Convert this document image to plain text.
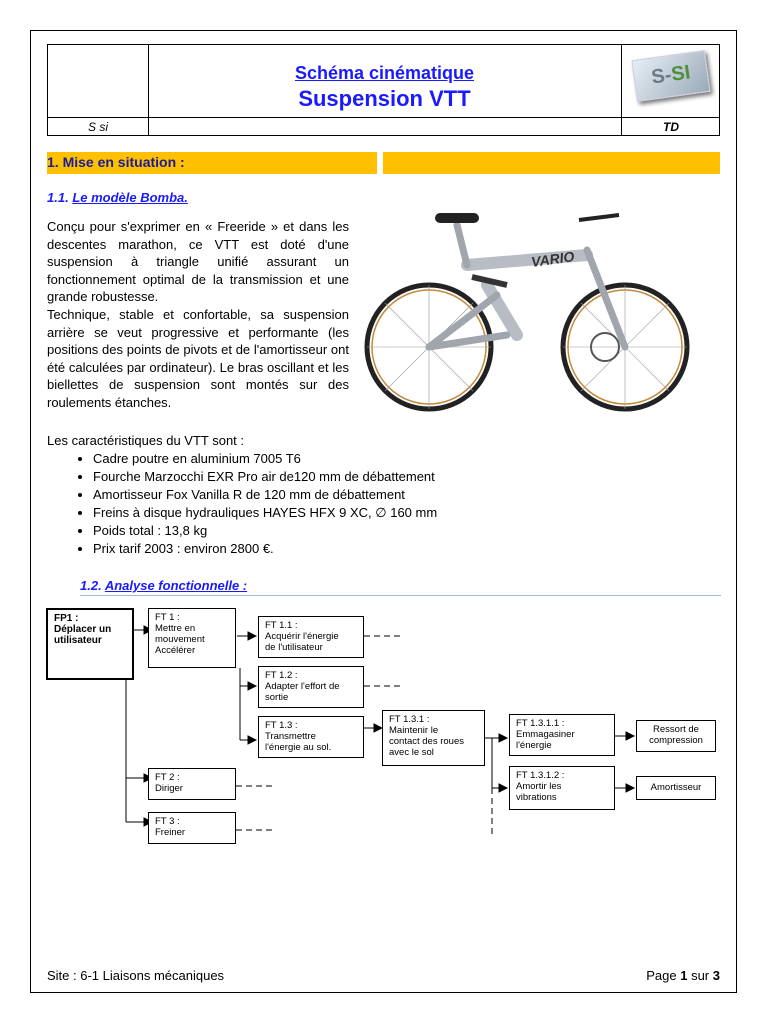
Schéma cinématique
Suspension VTT
S-SI
S si	TD
1. Mise en situation :
1.1. Le modèle Bomba.

Conçu pour s'exprimer en « Freeride » et dans les descentes marathon, ce VTT est doté d'une suspension à triangle unifié assurant un fonctionnement optimal de la transmission et une grande robustesse.

Technique, stable et confortable, sa suspension arrière se veut progressive et performante (les positions des points de pivots et de l'amortisseur ont été calculées par ordinateur). Le bras oscillant et les biellettes de suspension sont montés sur des roulements étanches.

VARIO
Les caractéristiques du VTT sont :
• Cadre poutre en aluminium 7005 T6
• Fourche Marzocchi EXR Pro air de120 mm de débattement
• Amortisseur Fox Vanilla R de 120 mm de débattement
• Freins à disque hydrauliques HAYES HFX 9 XC, ∅ 160 mm
• Poids total : 13,8 kg
• Prix tarif 2003 : environ 2800 €.
1.2. Analyse fonctionnelle :
FP1 :
Déplacer un
utilisateur
FT 1 :
Mettre en
mouvement
Accélérer
FT 1.1 :
Acquérir l'énergie
de l'utilisateur
FT 1.2 :
Adapter l'effort de
sortie
FT 1.3 :
Transmettre
l'énergie au sol.
FT 1.3.1 :
Maintenir le
contact des roues
avec le sol
FT 1.3.1.1 :
Emmagasiner
l'énergie
FT 1.3.1.2 :
Amortir les
vibrations
Ressort de
compression
Amortisseur
FT 2 :
Diriger
FT 3 :
Freiner
Site : 6-1 Liaisons mécaniques	Page 1 sur 3
